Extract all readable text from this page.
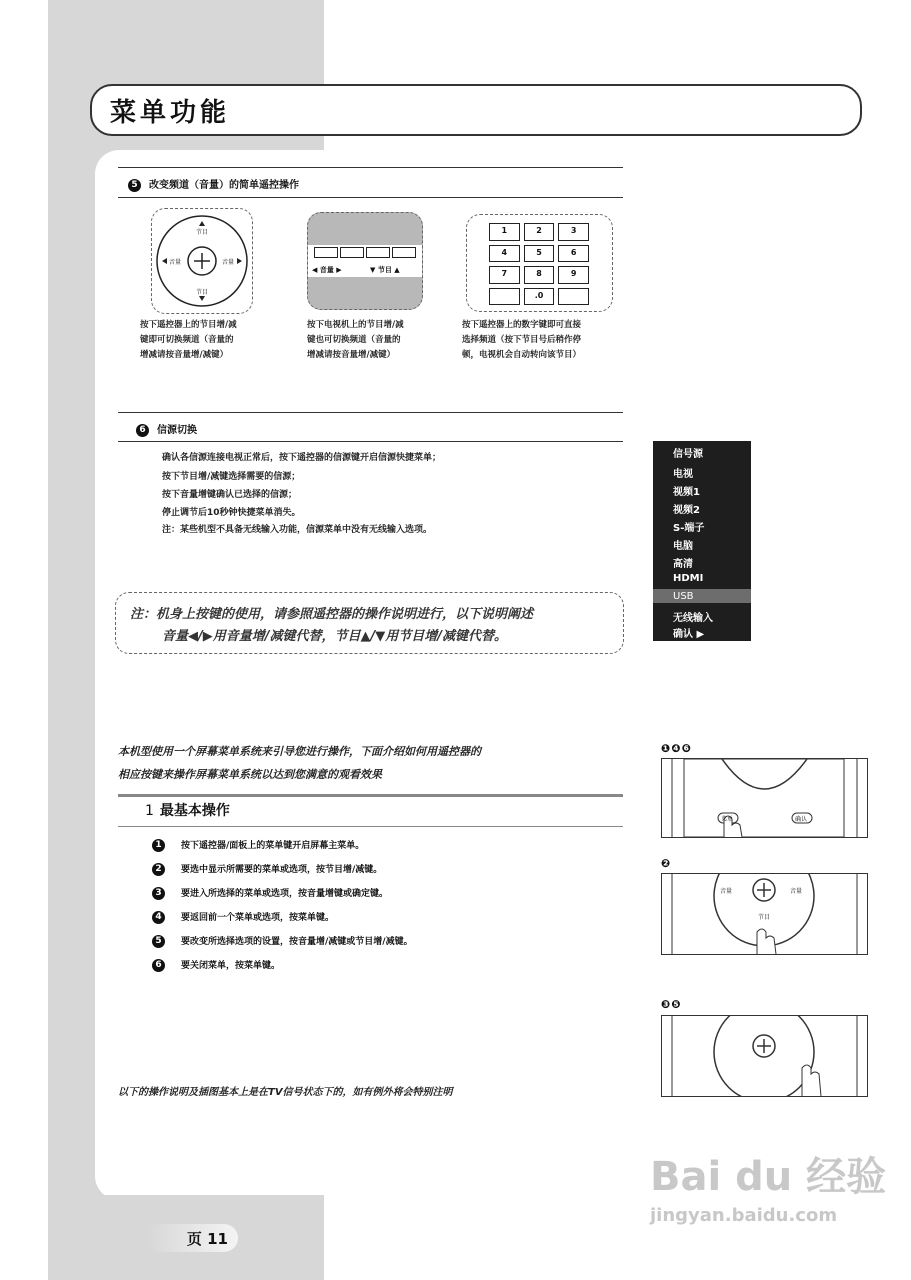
菜单功能
5 改变频道（音量）的简单遥控操作
节目
节目
音量	音量
◀ 音量 ▶	▼ 节目 ▲
1	2	3
4	5	6
7	8	9
.0
按下遥控器上的节目增/减
键即可切换频道（音量的
增减请按音量增/减键）
按下电视机上的节目增/减
键也可切换频道（音量的
增减请按音量增/减键）
按下遥控器上的数字键即可直接
选择频道（按下节目号后稍作停
顿，电视机会自动转向该节目）
6 信源切换
确认各信源连接电视正常后，按下遥控器的信源键开启信源快捷菜单；
按下节目增/减键选择需要的信源；
按下音量增键确认已选择的信源；
停止调节后10秒钟快捷菜单消失。
注：某些机型不具备无线输入功能，信源菜单中没有无线输入选项。
注：机身上按键的使用，请参照遥控器的操作说明进行，以下说明阐述
音量◀/▶用音量增/减键代替，节目▲/▼用节目增/减键代替。
信号源
电视
视频1
视频2
S-端子
电脑
高清
HDMI
USB
无线输入
确认 ▶
本机型使用一个屏幕菜单系统来引导您进行操作，下面介绍如何用遥控器的
相应按键来操作屏幕菜单系统以达到您满意的观看效果
1 最基本操作
1 按下遥控器/面板上的菜单键开启屏幕主菜单。
2 要选中显示所需要的菜单或选项，按节目增/减键。
3 要进入所选择的菜单或选项，按音量增键或确定键。
4 要返回前一个菜单或选项，按菜单键。
5 要改变所选择选项的设置，按音量增/减键或节目增/减键。
6 要关闭菜单，按菜单键。
❶❹❻
菜单	确认
❷
音量	音量
节目
❸❺
以下的操作说明及插图基本上是在TV信号状态下的，如有例外将会特别注明
页 11
Bai du 经验
jingyan.baidu.com
